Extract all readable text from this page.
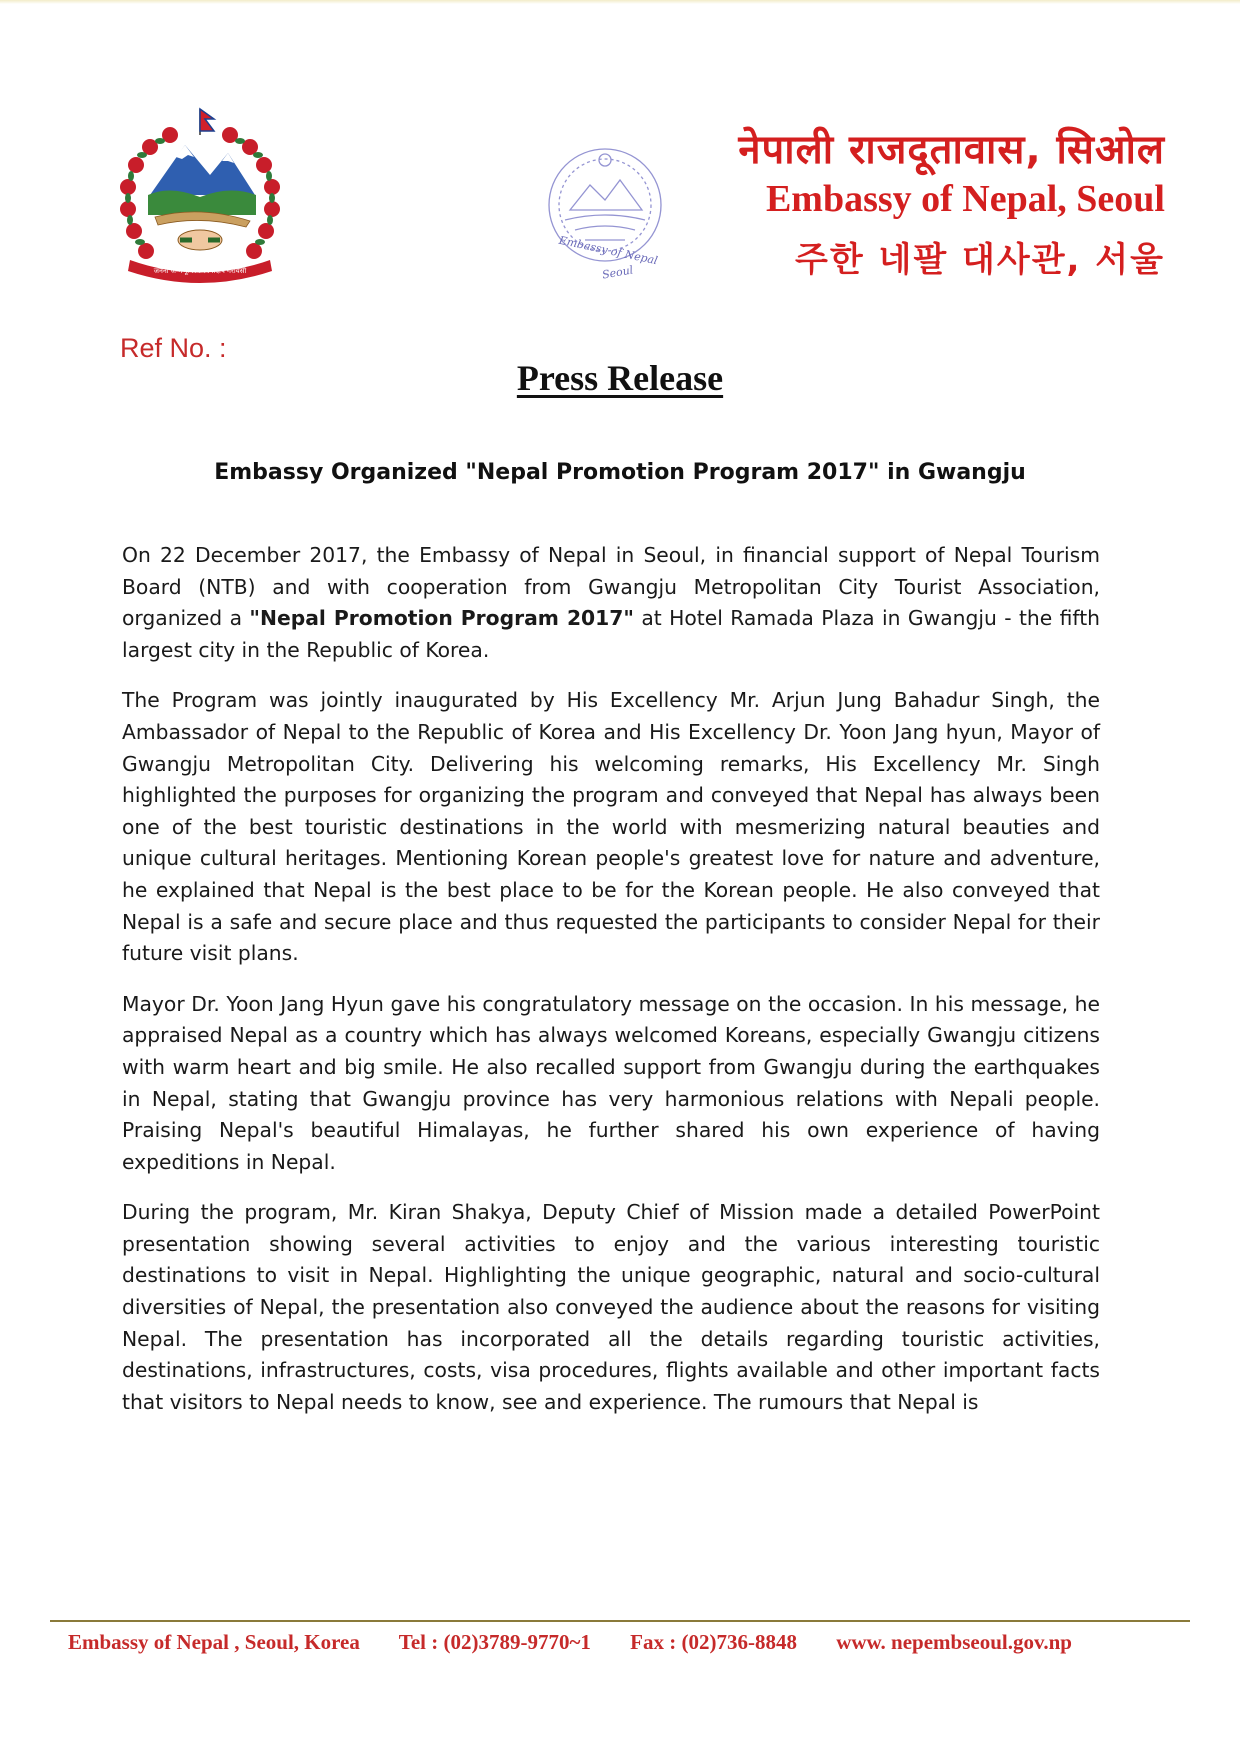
जननी जन्मभूमिश्च स्वर्गादपि गरीयसी
Embassy of Nepal
Seoul
नेपाली राजदूतावास, सिओल
Embassy of Nepal, Seoul
주한 네팔 대사관, 서울
Ref No. :
Press Release
Embassy Organized "Nepal Promotion Program 2017" in Gwangju

On 22 December 2017, the Embassy of Nepal in Seoul, in financial support of Nepal Tourism Board (NTB) and with cooperation from Gwangju Metropolitan City Tourist Association, organized a "Nepal Promotion Program 2017" at Hotel Ramada Plaza in Gwangju - the fifth largest city in the Republic of Korea.

The Program was jointly inaugurated by His Excellency Mr. Arjun Jung Bahadur Singh, the Ambassador of Nepal to the Republic of Korea and His Excellency Dr. Yoon Jang hyun, Mayor of Gwangju Metropolitan City. Delivering his welcoming remarks, His Excellency Mr. Singh highlighted the purposes for organizing the program and conveyed that Nepal has always been one of the best touristic destinations in the world with mesmerizing natural beauties and unique cultural heritages. Mentioning Korean people's greatest love for nature and adventure, he explained that Nepal is the best place to be for the Korean people. He also conveyed that Nepal is a safe and secure place and thus requested the participants to consider Nepal for their future visit plans.

Mayor Dr. Yoon Jang Hyun gave his congratulatory message on the occasion. In his message, he appraised Nepal as a country which has always welcomed Koreans, especially Gwangju citizens with warm heart and big smile. He also recalled support from Gwangju during the earthquakes in Nepal, stating that Gwangju province has very harmonious relations with Nepali people. Praising Nepal's beautiful Himalayas, he further shared his own experience of having expeditions in Nepal.

During the program, Mr. Kiran Shakya, Deputy Chief of Mission made a detailed PowerPoint presentation showing several activities to enjoy and the various interesting touristic destinations to visit in Nepal. Highlighting the unique geographic, natural and socio-cultural diversities of Nepal, the presentation also conveyed the audience about the reasons for visiting Nepal. The presentation has incorporated all the details regarding touristic activities, destinations, infrastructures, costs, visa procedures, flights available and other important facts that visitors to Nepal needs to know, see and experience. The rumours that Nepal is

Embassy of Nepal , Seoul, Korea Tel : (02)3789-9770~1 Fax : (02)736-8848 www. nepembseoul.gov.np
